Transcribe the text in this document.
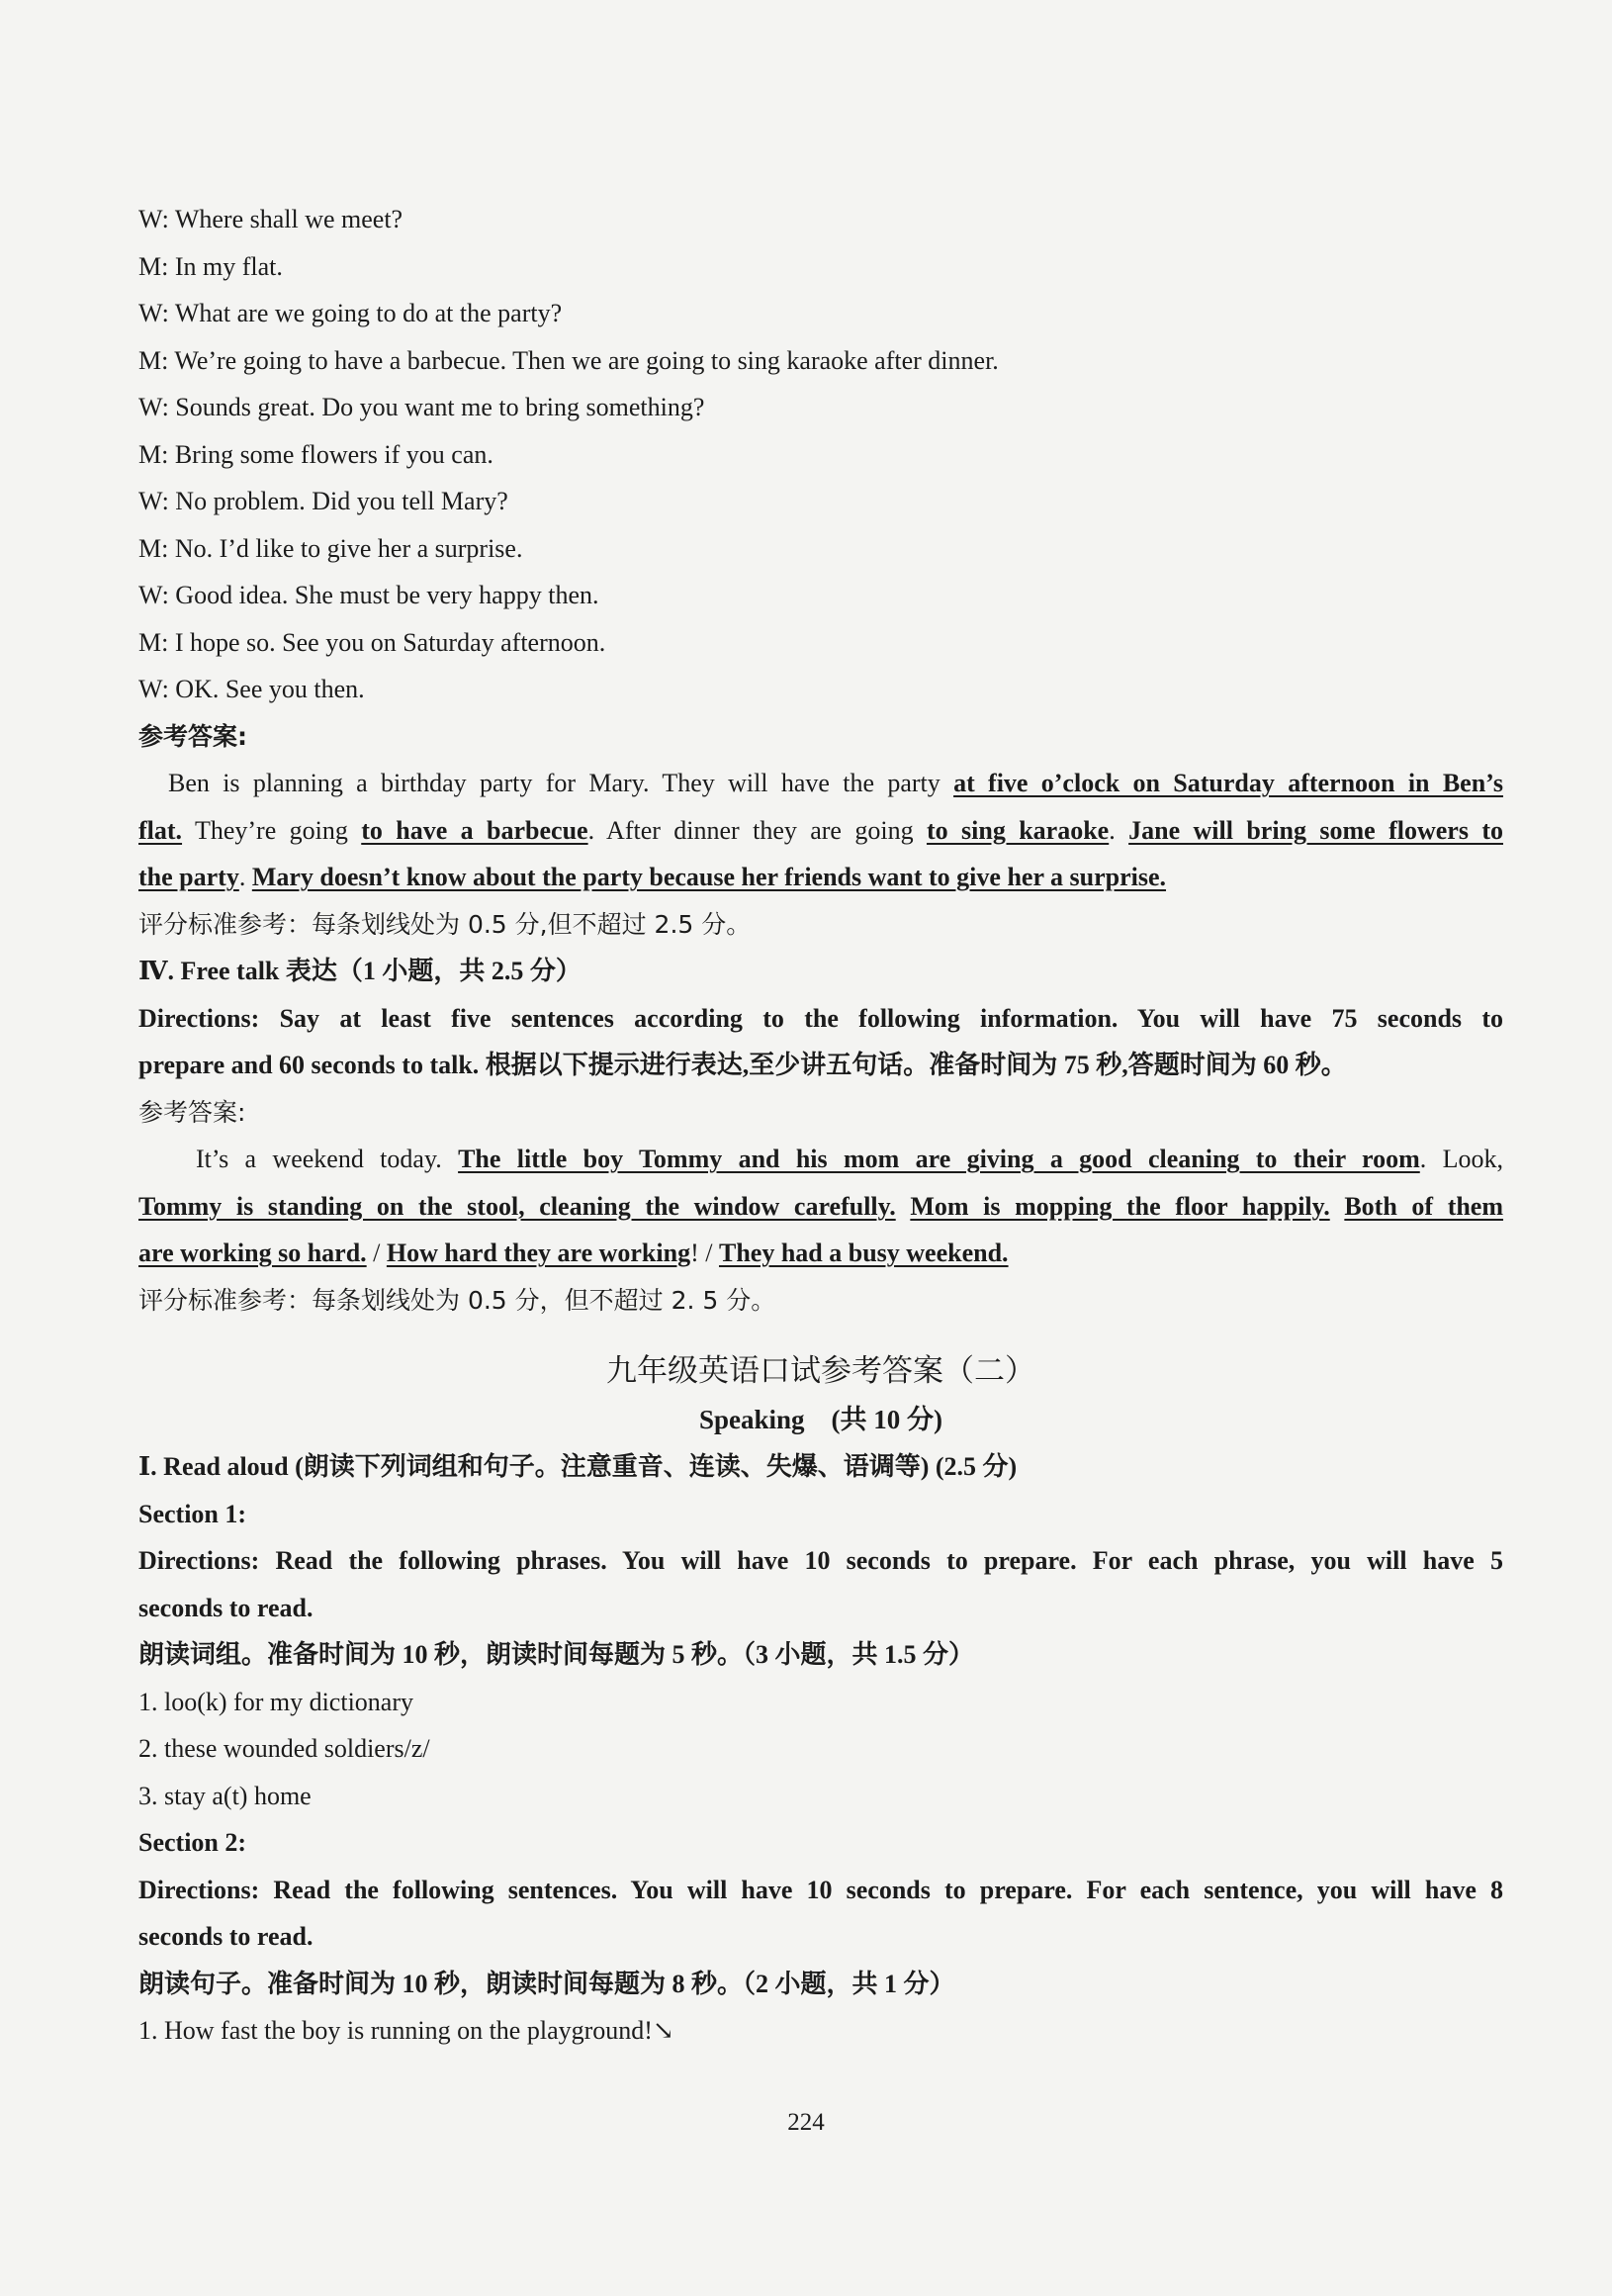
W: Where shall we meet?
M: In my flat.
W: What are we going to do at the party?
M: We’re going to have a barbecue. Then we are going to sing karaoke after dinner.
W: Sounds great. Do you want me to bring something?
M: Bring some flowers if you can.
W: No problem. Did you tell Mary?
M: No. I’d like to give her a surprise.
W: Good idea. She must be very happy then.
M: I hope so. See you on Saturday afternoon.
W: OK. See you then.
参考答案:
Ben is planning a birthday party for Mary. They will have the party at five o’clock on Saturday afternoon in Ben’s
flat. They’re going to have a barbecue. After dinner they are going to sing karaoke. Jane will bring some flowers to
the party. Mary doesn’t know about the party because her friends want to give her a surprise.
评分标准参考：每条划线处为 0.5 分,但不超过 2.5 分。
Ⅳ. Free talk 表达（1 小题，共 2.5 分）
Directions: Say at least five sentences according to the following information. You will have 75 seconds to
prepare and 60 seconds to talk. 根据以下提示进行表达,至少讲五句话。准备时间为 75 秒,答题时间为 60 秒。
参考答案:
It’s a weekend today. The little boy Tommy and his mom are giving a good cleaning to their room. Look,
Tommy is standing on the stool, cleaning the window carefully. Mom is mopping the floor happily. Both of them
are working so hard. / How hard they are working! / They had a busy weekend.
评分标准参考：每条划线处为 0.5 分，但不超过 2. 5 分。
九年级英语口试参考答案（二）
Speaking　(共 10 分)
Ⅰ. Read aloud (朗读下列词组和句子。注意重音、连读、失爆、语调等) (2.5 分)
Section 1:
Directions: Read the following phrases. You will have 10 seconds to prepare. For each phrase, you will have 5
seconds to read.
朗读词组。准备时间为 10 秒，朗读时间每题为 5 秒。（3 小题，共 1.5 分）
1. loo(k) for my dictionary
2. these wounded soldiers/z/
3. stay a(t) home
Section 2:
Directions: Read the following sentences. You will have 10 seconds to prepare. For each sentence, you will have 8
seconds to read.
朗读句子。准备时间为 10 秒，朗读时间每题为 8 秒。（2 小题，共 1 分）
1. How fast the boy is running on the playground!↘
224
